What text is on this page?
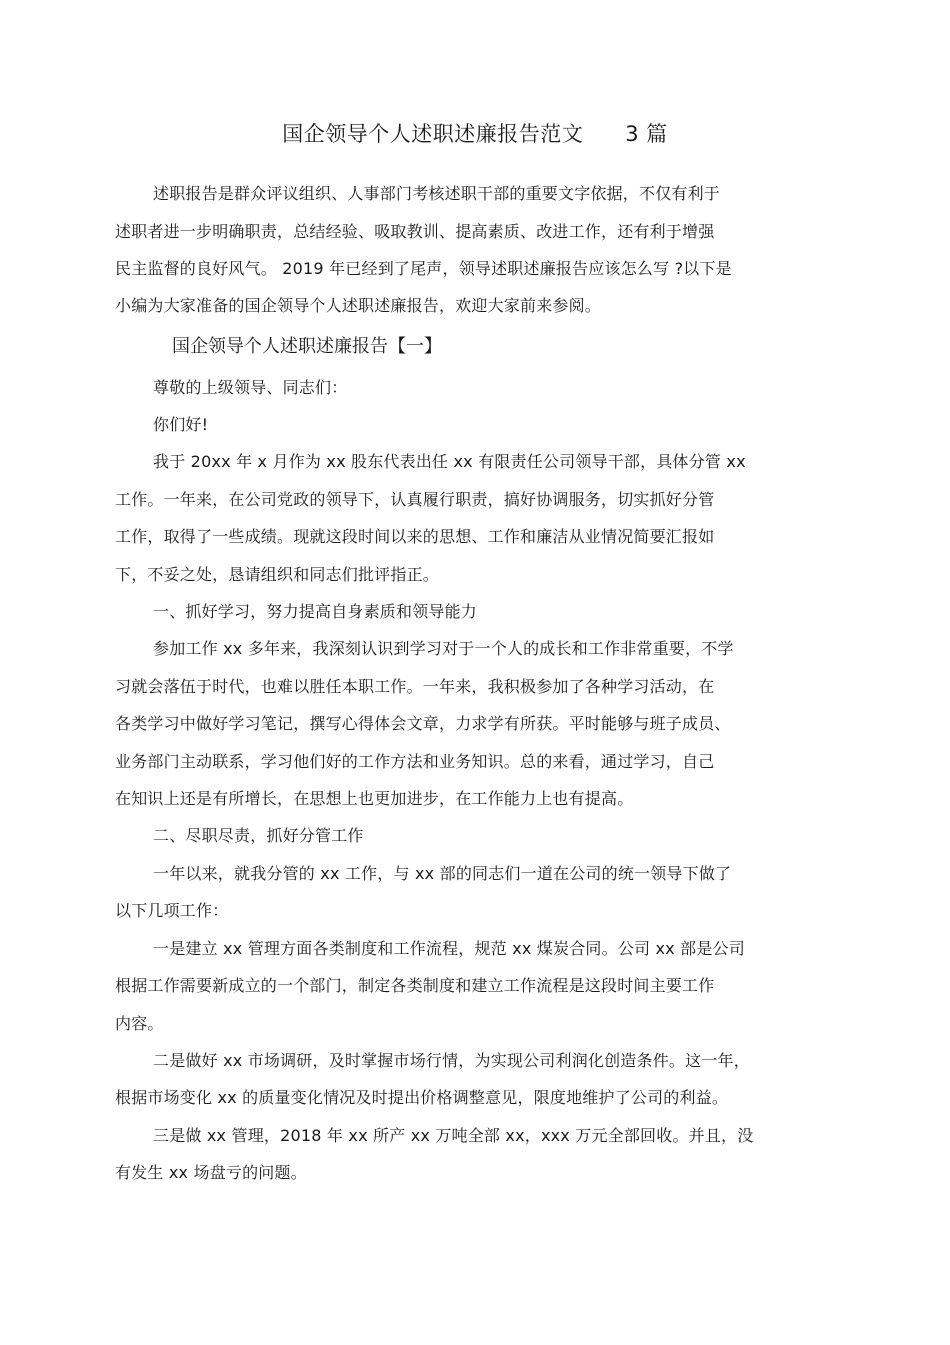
国企领导个人述职述廉报告范文 3 篇
述职报告是群众评议组织、人事部门考核述职干部的重要文字依据，不仅有利于
述职者进一步明确职责，总结经验、吸取教训、提高素质、改进工作，还有利于增强
民主监督的良好风气。 2019 年已经到了尾声，领导述职述廉报告应该怎么写 ?以下是
小编为大家准备的国企领导个人述职述廉报告，欢迎大家前来参阅。
国企领导个人述职述廉报告【一】
尊敬的上级领导、同志们：
你们好!
我于 20xx 年 x 月作为 xx 股东代表出任 xx 有限责任公司领导干部，具体分管 xx
工作。一年来，在公司党政的领导下，认真履行职责，搞好协调服务，切实抓好分管
工作，取得了一些成绩。现就这段时间以来的思想、工作和廉洁从业情况简要汇报如
下，不妥之处，恳请组织和同志们批评指正。
一、抓好学习，努力提高自身素质和领导能力
参加工作 xx 多年来，我深刻认识到学习对于一个人的成长和工作非常重要，不学
习就会落伍于时代，也难以胜任本职工作。一年来，我积极参加了各种学习活动，在
各类学习中做好学习笔记，撰写心得体会文章，力求学有所获。平时能够与班子成员、
业务部门主动联系，学习他们好的工作方法和业务知识。总的来看，通过学习，自己
在知识上还是有所增长，在思想上也更加进步，在工作能力上也有提高。
二、尽职尽责，抓好分管工作
一年以来，就我分管的 xx 工作，与 xx 部的同志们一道在公司的统一领导下做了
以下几项工作：
一是建立 xx 管理方面各类制度和工作流程，规范 xx 煤炭合同。公司 xx 部是公司
根据工作需要新成立的一个部门，制定各类制度和建立工作流程是这段时间主要工作
内容。
二是做好 xx 市场调研，及时掌握市场行情，为实现公司利润化创造条件。这一年，
根据市场变化 xx 的质量变化情况及时提出价格调整意见，限度地维护了公司的利益。
三是做 xx 管理，2018 年 xx 所产 xx 万吨全部 xx，xxx 万元全部回收。并且，没
有发生 xx 场盘亏的问题。
